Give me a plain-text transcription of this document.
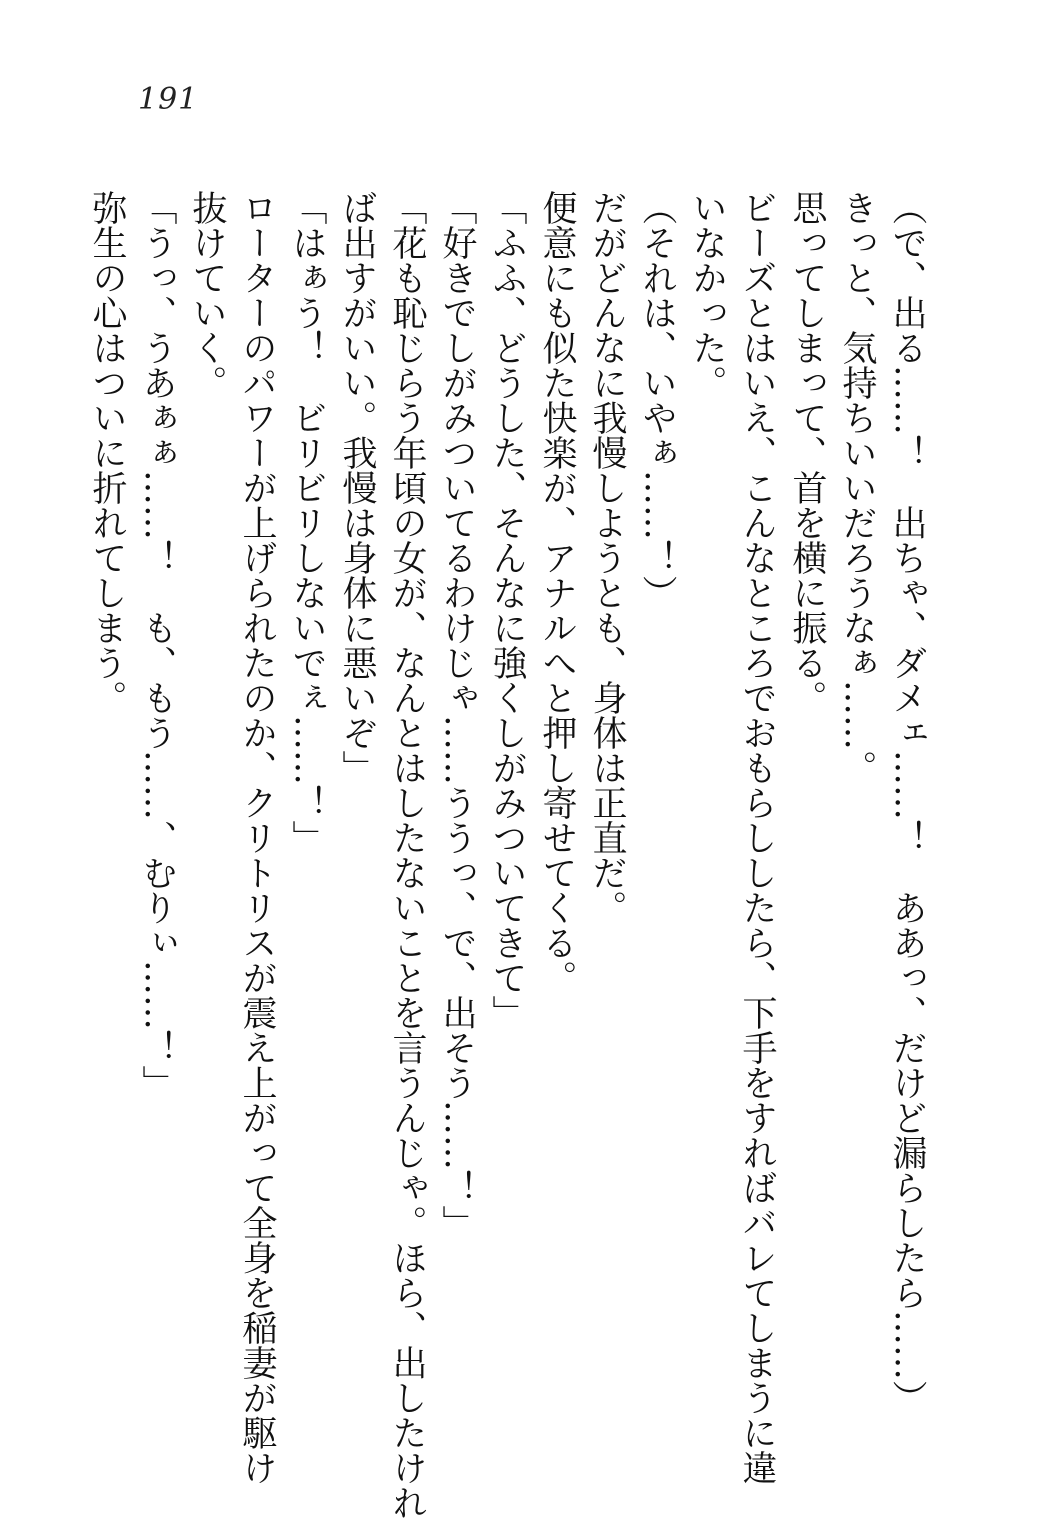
191

（で、出る……！　出ちゃ、ダメェ……！　ああっ、だけど漏らしたら……）

きっと、気持ちいいだろうなぁ……。

思ってしまって、首を横に振る。

ビーズとはいえ、こんなところでおもらししたら、下手をすればバレてしまうに違

いなかった。

（それは、いやぁ……！）

だがどんなに我慢しようとも、身体は正直だ。

便意にも似た快楽が、アナルへと押し寄せてくる。

「ふふ、どうした、そんなに強くしがみついてきて」

「好きでしがみついてるわけじゃ……ううっ、で、出そう……！」

「花も恥じらう年頃の女が、なんとはしたないことを言うんじゃ。ほら、出したけれ

ば出すがいい。我慢は身体に悪いぞ」

「はぁう！　ビリビリしないでぇ……！」

ローターのパワーが上げられたのか、クリトリスが震え上がって全身を稲妻が駆け

抜けていく。

「うっ、うあぁぁ……！　も、もう……、むりぃ……！」

弥生の心はついに折れてしまう。
